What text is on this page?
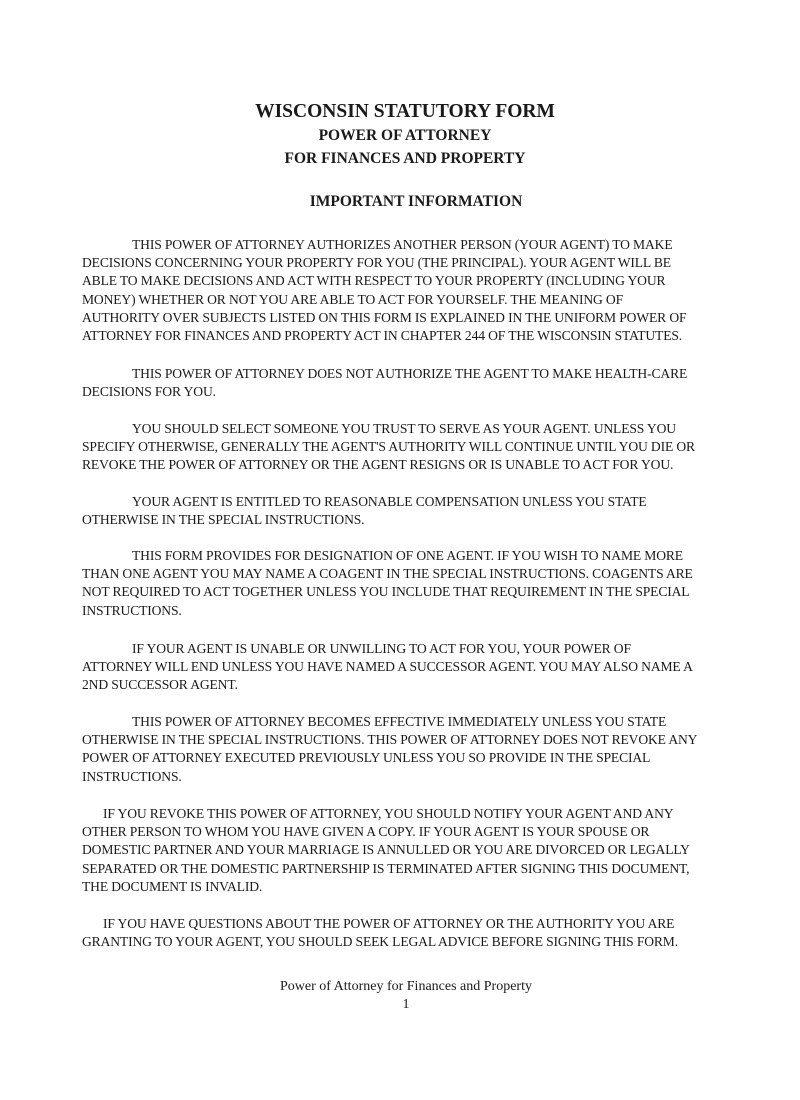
WISCONSIN STATUTORY FORM
POWER OF ATTORNEY
FOR FINANCES AND PROPERTY
IMPORTANT INFORMATION
THIS POWER OF ATTORNEY AUTHORIZES ANOTHER PERSON (YOUR AGENT) TO MAKE
DECISIONS CONCERNING YOUR PROPERTY FOR YOU (THE PRINCIPAL). YOUR AGENT WILL BE
ABLE TO MAKE DECISIONS AND ACT WITH RESPECT TO YOUR PROPERTY (INCLUDING YOUR
MONEY) WHETHER OR NOT YOU ARE ABLE TO ACT FOR YOURSELF. THE MEANING OF
AUTHORITY OVER SUBJECTS LISTED ON THIS FORM IS EXPLAINED IN THE UNIFORM POWER OF
ATTORNEY FOR FINANCES AND PROPERTY ACT IN CHAPTER 244 OF THE WISCONSIN STATUTES.
THIS POWER OF ATTORNEY DOES NOT AUTHORIZE THE AGENT TO MAKE HEALTH-CARE
DECISIONS FOR YOU.
YOU SHOULD SELECT SOMEONE YOU TRUST TO SERVE AS YOUR AGENT. UNLESS YOU
SPECIFY OTHERWISE, GENERALLY THE AGENT'S AUTHORITY WILL CONTINUE UNTIL YOU DIE OR
REVOKE THE POWER OF ATTORNEY OR THE AGENT RESIGNS OR IS UNABLE TO ACT FOR YOU.
YOUR AGENT IS ENTITLED TO REASONABLE COMPENSATION UNLESS YOU STATE
OTHERWISE IN THE SPECIAL INSTRUCTIONS.
THIS FORM PROVIDES FOR DESIGNATION OF ONE AGENT. IF YOU WISH TO NAME MORE
THAN ONE AGENT YOU MAY NAME A COAGENT IN THE SPECIAL INSTRUCTIONS. COAGENTS ARE
NOT REQUIRED TO ACT TOGETHER UNLESS YOU INCLUDE THAT REQUIREMENT IN THE SPECIAL
INSTRUCTIONS.
IF YOUR AGENT IS UNABLE OR UNWILLING TO ACT FOR YOU, YOUR POWER OF
ATTORNEY WILL END UNLESS YOU HAVE NAMED A SUCCESSOR AGENT. YOU MAY ALSO NAME A
2ND SUCCESSOR AGENT.
THIS POWER OF ATTORNEY BECOMES EFFECTIVE IMMEDIATELY UNLESS YOU STATE
OTHERWISE IN THE SPECIAL INSTRUCTIONS. THIS POWER OF ATTORNEY DOES NOT REVOKE ANY
POWER OF ATTORNEY EXECUTED PREVIOUSLY UNLESS YOU SO PROVIDE IN THE SPECIAL
INSTRUCTIONS.
IF YOU REVOKE THIS POWER OF ATTORNEY, YOU SHOULD NOTIFY YOUR AGENT AND ANY
OTHER PERSON TO WHOM YOU HAVE GIVEN A COPY. IF YOUR AGENT IS YOUR SPOUSE OR
DOMESTIC PARTNER AND YOUR MARRIAGE IS ANNULLED OR YOU ARE DIVORCED OR LEGALLY
SEPARATED OR THE DOMESTIC PARTNERSHIP IS TERMINATED AFTER SIGNING THIS DOCUMENT,
THE DOCUMENT IS INVALID.
IF YOU HAVE QUESTIONS ABOUT THE POWER OF ATTORNEY OR THE AUTHORITY YOU ARE
GRANTING TO YOUR AGENT, YOU SHOULD SEEK LEGAL ADVICE BEFORE SIGNING THIS FORM.
Power of Attorney for Finances and Property
1
